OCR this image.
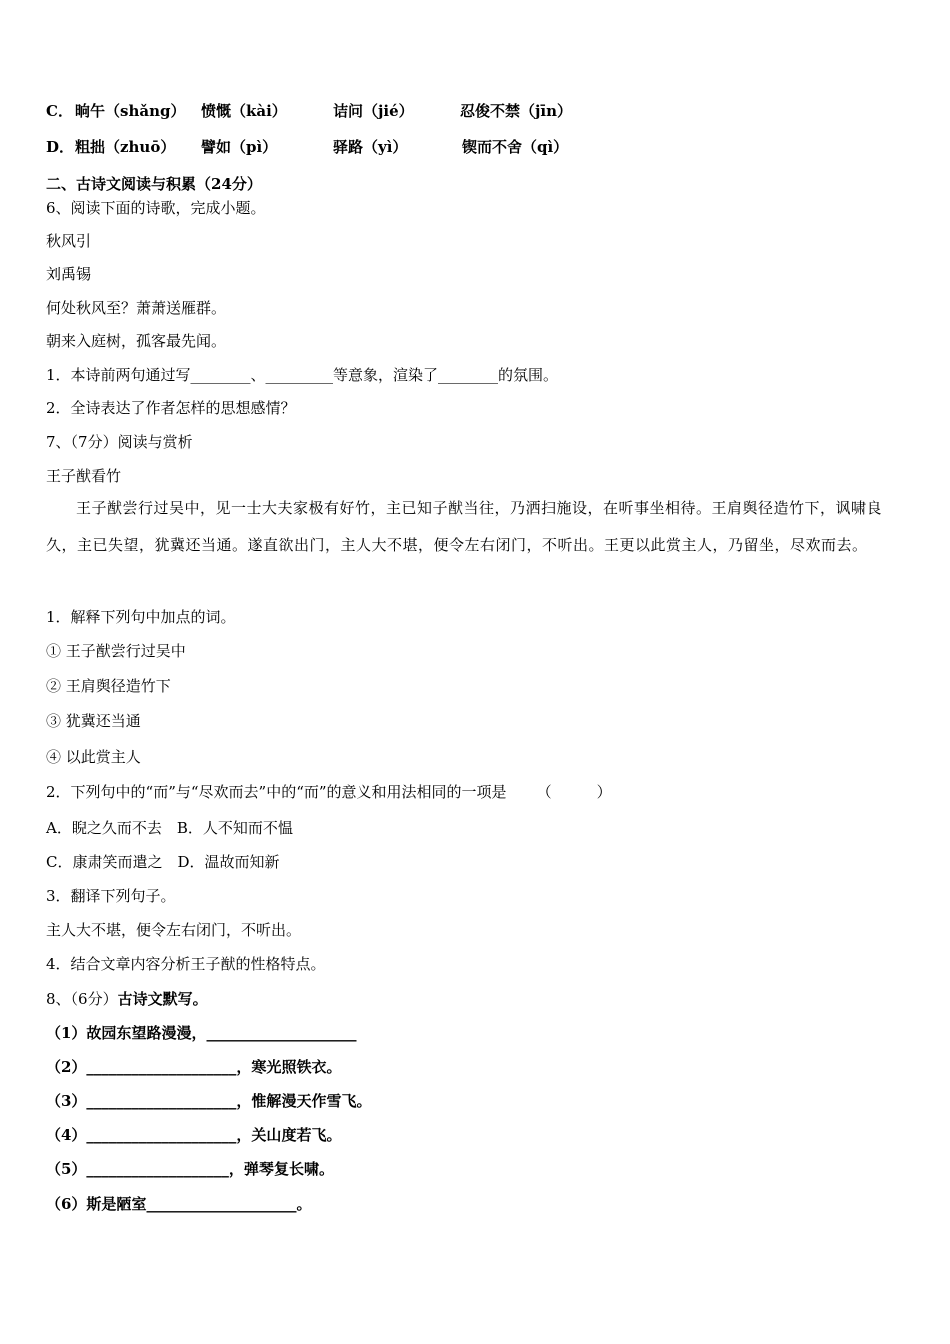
C． 晌午（shǎng） 愤慨（kài）	诘问（jié）	忍俊不禁（jīn）
D． 粗拙（zhuō） 譬如（pì）	驿路（yì）	锲而不舍（qì）
二、古诗文阅读与积累（24分）
6、阅读下面的诗歌，完成小题。
秋风引
刘禹锡
何处秋风至？萧萧送雁群。
朝来入庭树，孤客最先闻。
1．本诗前两句通过写________、_________等意象，渲染了________的氛围。
2．全诗表达了作者怎样的思想感情？
7、（7分）阅读与赏析
王子猷看竹
王子猷尝行过吴中，见一士大夫家极有好竹，主已知子猷当往，乃洒扫施设，在听事坐相待。王肩舆径造竹下，讽啸良久，主已失望，犹冀还当通。遂直欲出门，主人大不堪，便令左右闭门，不听出。王更以此赏主人，乃留坐，尽欢而去。
1．解释下列句中加点的词。
① 王子猷尝行过吴中
② 王肩舆径造竹下
③ 犹冀还当通
④ 以此赏主人
2．下列句中的“而”与“尽欢而去”中的“而”的意义和用法相同的一项是 （　　　）
A．睨之久而不去　B．人不知而不愠
C．康肃笑而遣之　D．温故而知新
3．翻译下列句子。
主人大不堪，便令左右闭门，不听出。
4．结合文章内容分析王子猷的性格特点。
8、（6分）古诗文默写。
（1）故园东望路漫漫，____________________
（2）____________________，寒光照铁衣。
（3）____________________，惟解漫天作雪飞。
（4）____________________，关山度若飞。
（5）___________________，弹琴复长啸。
（6）斯是陋室____________________。
